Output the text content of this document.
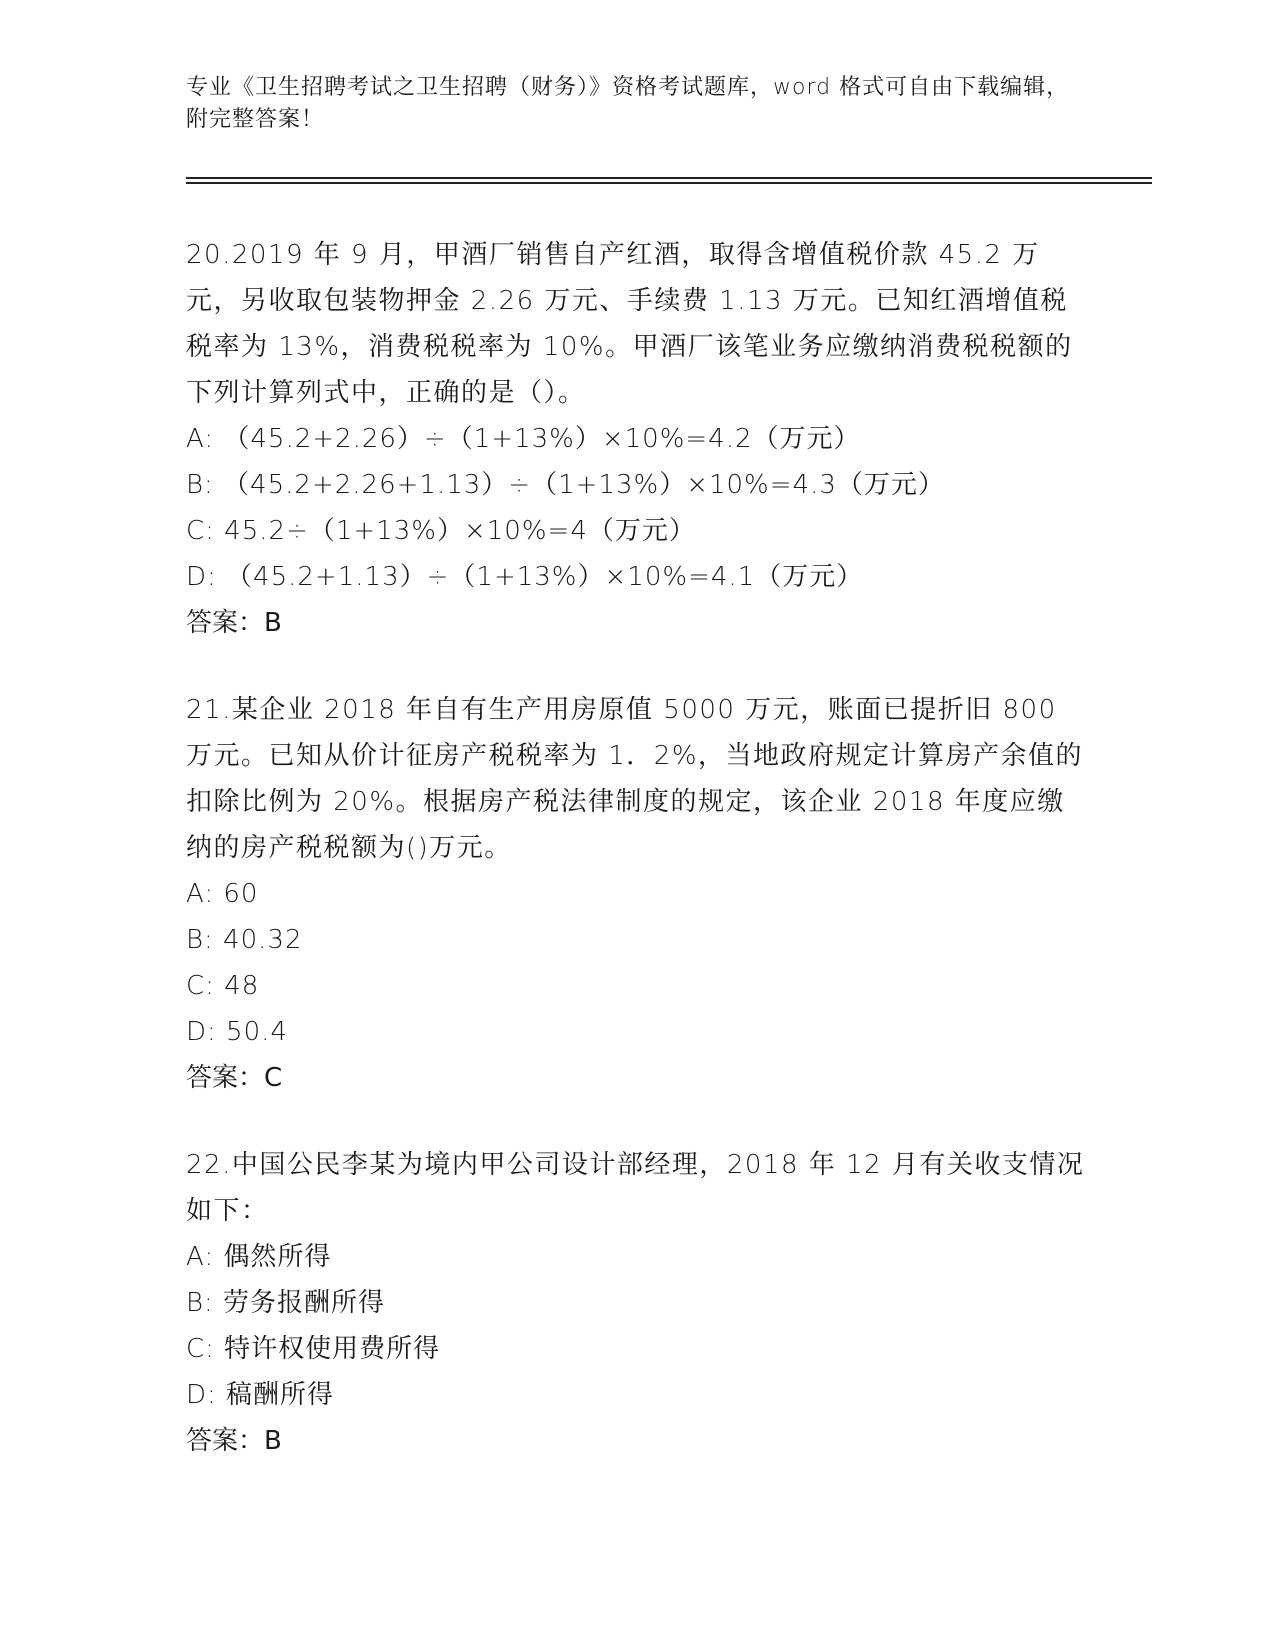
专业《卫生招聘考试之卫生招聘（财务）》资格考试题库，word 格式可自由下载编辑，附完整答案！

20.2019 年 9 月，甲酒厂销售自产红酒，取得含增值税价款 45.2 万元，另收取包装物押金 2.26 万元、手续费 1.13 万元。已知红酒增值税税率为 13%，消费税税率为 10%。甲酒厂该笔业务应缴纳消费税税额的下列计算列式中，正确的是（）。

A: （45.2+2.26）÷（1+13%）×10%=4.2（万元）

B: （45.2+2.26+1.13）÷（1+13%）×10%=4.3（万元）

C: 45.2÷（1+13%）×10%=4（万元）

D: （45.2+1.13）÷（1+13%）×10%=4.1（万元）

答案：B

21.某企业 2018 年自有生产用房原值 5000 万元，账面已提折旧 800 万元。已知从价计征房产税税率为 1．2%，当地政府规定计算房产余值的扣除比例为 20%。根据房产税法律制度的规定，该企业 2018 年度应缴纳的房产税税额为()万元。

A: 60

B: 40.32

C: 48

D: 50.4

答案：C

22.中国公民李某为境内甲公司设计部经理，2018 年 12 月有关收支情况如下：

A: 偶然所得

B: 劳务报酬所得

C: 特许权使用费所得

D: 稿酬所得

答案：B
